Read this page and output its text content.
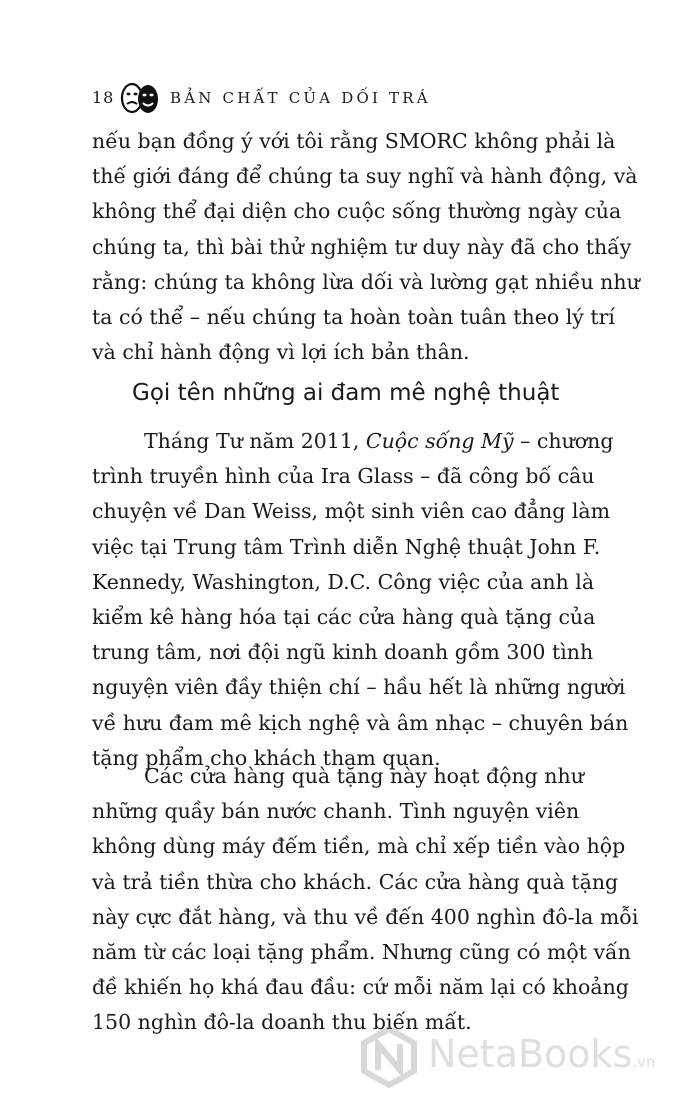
18	BẢN CHẤT CỦA DỐI TRÁ
nếu bạn đồng ý với tôi rằng SMORC không phải là
thế giới đáng để chúng ta suy nghĩ và hành động, và
không thể đại diện cho cuộc sống thường ngày của
chúng ta, thì bài thử nghiệm tư duy này đã cho thấy
rằng: chúng ta không lừa dối và lường gạt nhiều như
ta có thể – nếu chúng ta hoàn toàn tuân theo lý trí
và chỉ hành động vì lợi ích bản thân.
Gọi tên những ai đam mê nghệ thuật
Tháng Tư năm 2011, Cuộc sống Mỹ – chương
trình truyền hình của Ira Glass – đã công bố câu
chuyện về Dan Weiss, một sinh viên cao đẳng làm
việc tại Trung tâm Trình diễn Nghệ thuật John F.
Kennedy, Washington, D.C. Công việc của anh là
kiểm kê hàng hóa tại các cửa hàng quà tặng của
trung tâm, nơi đội ngũ kinh doanh gồm 300 tình
nguyện viên đầy thiện chí – hầu hết là những người
về hưu đam mê kịch nghệ và âm nhạc – chuyên bán
tặng phẩm cho khách tham quan.
Các cửa hàng quà tặng này hoạt động như
những quầy bán nước chanh. Tình nguyện viên
không dùng máy đếm tiền, mà chỉ xếp tiền vào hộp
và trả tiền thừa cho khách. Các cửa hàng quà tặng
này cực đắt hàng, và thu về đến 400 nghìn đô-la mỗi
năm từ các loại tặng phẩm. Nhưng cũng có một vấn
đề khiến họ khá đau đầu: cứ mỗi năm lại có khoảng
150 nghìn đô-la doanh thu biến mất.
NetaBooks.vn
